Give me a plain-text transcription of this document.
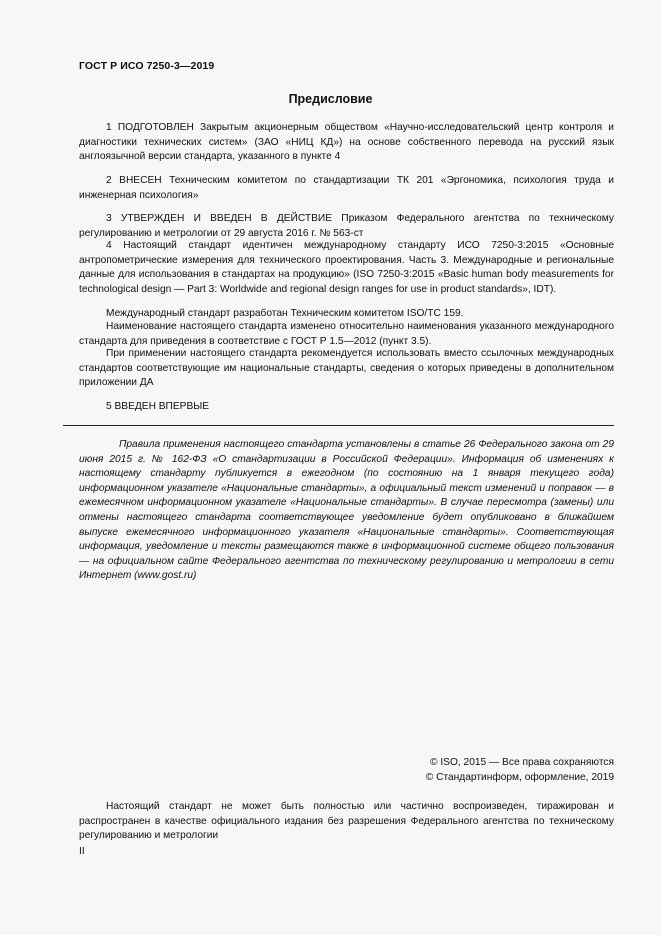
ГОСТ Р ИСО 7250-3—2019
Предисловие
1 ПОДГОТОВЛЕН Закрытым акционерным обществом «Научно-исследовательский центр контроля и диагностики технических систем» (ЗАО «НИЦ КД») на основе собственного перевода на русский язык англоязычной версии стандарта, указанного в пункте 4
2 ВНЕСЕН Техническим комитетом по стандартизации ТК 201 «Эргономика, психология труда и инженерная психология»
3 УТВЕРЖДЕН И ВВЕДЕН В ДЕЙСТВИЕ Приказом Федерального агентства по техническому регулированию и метрологии от 29 августа 2016 г. № 563-ст
4 Настоящий стандарт идентичен международному стандарту ИСО 7250-3:2015 «Основные антропометрические измерения для технического проектирования. Часть 3. Международные и региональные данные для использования в стандартах на продукцию» (ISO 7250-3:2015 «Basic human body measurements for technological design — Part 3: Worldwide and regional design ranges for use in product standards», IDT).
Международный стандарт разработан Техническим комитетом ISO/TC 159.
Наименование настоящего стандарта изменено относительно наименования указанного международного стандарта для приведения в соответствие с ГОСТ Р 1.5—2012 (пункт 3.5).
При применении настоящего стандарта рекомендуется использовать вместо ссылочных международных стандартов соответствующие им национальные стандарты, сведения о которых приведены в дополнительном приложении ДА
5 ВВЕДЕН ВПЕРВЫЕ
Правила применения настоящего стандарта установлены в статье 26 Федерального закона от 29 июня 2015 г. № 162-ФЗ «О стандартизации в Российской Федерации». Информация об изменениях к настоящему стандарту публикуется в ежегодном (по состоянию на 1 января текущего года) информационном указателе «Национальные стандарты», а официальный текст изменений и поправок — в ежемесячном информационном указателе «Национальные стандарты». В случае пересмотра (замены) или отмены настоящего стандарта соответствующее уведомление будет опубликовано в ближайшем выпуске ежемесячного информационного указателя «Национальные стандарты». Соответствующая информация, уведомление и тексты размещаются также в информационной системе общего пользования — на официальном сайте Федерального агентства по техническому регулированию и метрологии в сети Интернет (www.gost.ru)
© ISO, 2015 — Все права сохраняются
© Стандартинформ, оформление, 2019
Настоящий стандарт не может быть полностью или частично воспроизведен, тиражирован и распространен в качестве официального издания без разрешения Федерального агентства по техническому регулированию и метрологии
II
